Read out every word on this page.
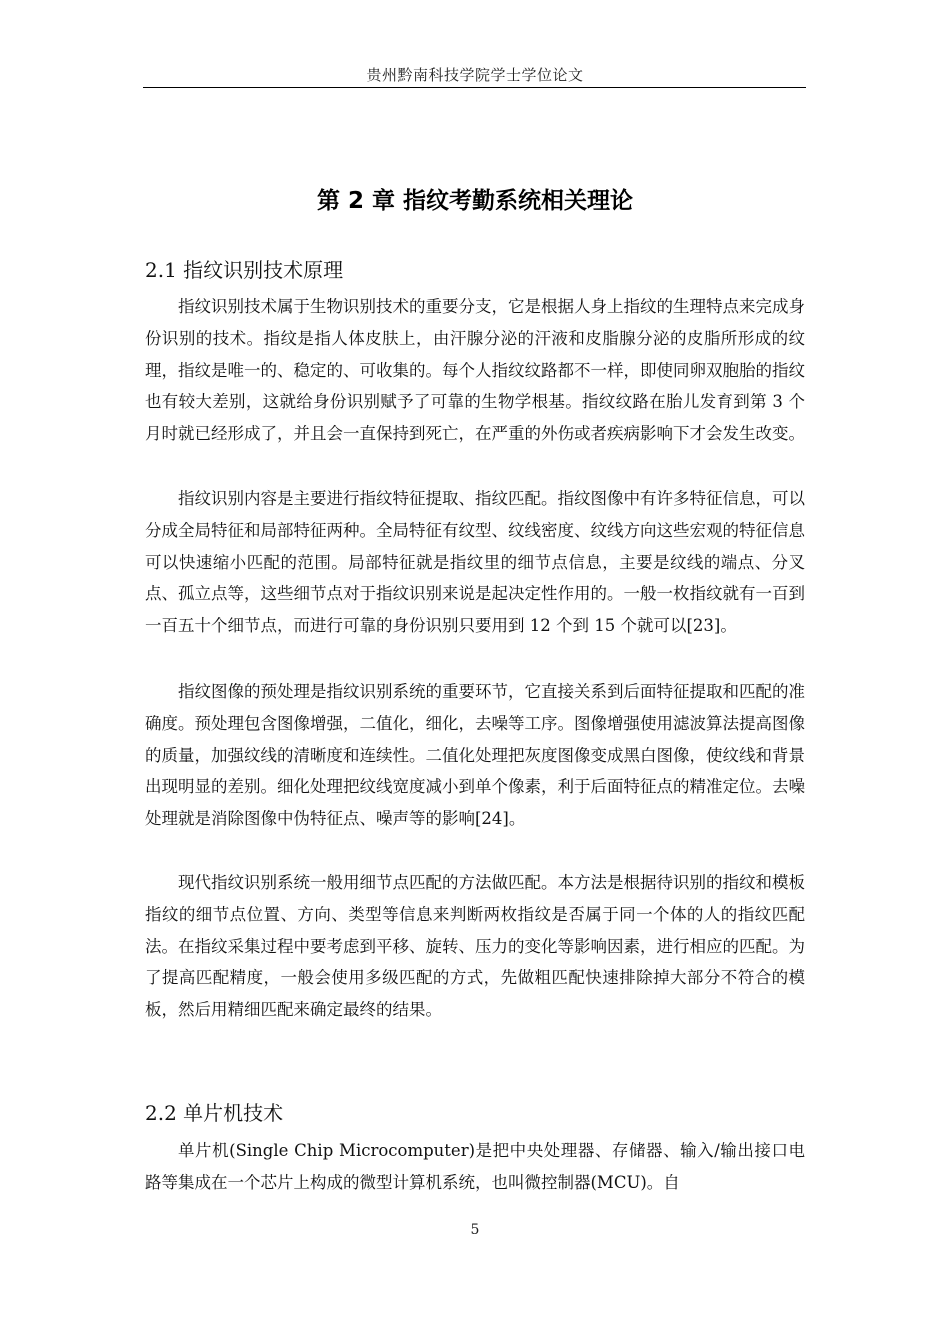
贵州黔南科技学院学士学位论文
第 2 章 指纹考勤系统相关理论
2.1 指纹识别技术原理

指纹识别技术属于生物识别技术的重要分支，它是根据人身上指纹的生理特点来完成身份识别的技术。指纹是指人体皮肤上，由汗腺分泌的汗液和皮脂腺分泌的皮脂所形成的纹理，指纹是唯一的、稳定的、可收集的。每个人指纹纹路都不一样，即使同卵双胞胎的指纹也有较大差别，这就给身份识别赋予了可靠的生物学根基。指纹纹路在胎儿发育到第 3 个月时就已经形成了，并且会一直保持到死亡，在严重的外伤或者疾病影响下才会发生改变。

指纹识别内容是主要进行指纹特征提取、指纹匹配。指纹图像中有许多特征信息，可以分成全局特征和局部特征两种。全局特征有纹型、纹线密度、纹线方向这些宏观的特征信息可以快速缩小匹配的范围。局部特征就是指纹里的细节点信息，主要是纹线的端点、分叉点、孤立点等，这些细节点对于指纹识别来说是起决定性作用的。一般一枚指纹就有一百到一百五十个细节点，而进行可靠的身份识别只要用到 12 个到 15 个就可以[23]。

指纹图像的预处理是指纹识别系统的重要环节，它直接关系到后面特征提取和匹配的准确度。预处理包含图像增强，二值化，细化，去噪等工序。图像增强使用滤波算法提高图像的质量，加强纹线的清晰度和连续性。二值化处理把灰度图像变成黑白图像，使纹线和背景出现明显的差别。细化处理把纹线宽度减小到单个像素，利于后面特征点的精准定位。去噪处理就是消除图像中伪特征点、噪声等的影响[24]。

现代指纹识别系统一般用细节点匹配的方法做匹配。本方法是根据待识别的指纹和模板指纹的细节点位置、方向、类型等信息来判断两枚指纹是否属于同一个体的人的指纹匹配法。在指纹采集过程中要考虑到平移、旋转、压力的变化等影响因素，进行相应的匹配。为了提高匹配精度，一般会使用多级匹配的方式，先做粗匹配快速排除掉大部分不符合的模板，然后用精细匹配来确定最终的结果。

2.2 单片机技术

单片机(Single Chip Microcomputer)是把中央处理器、存储器、输入/输出接口电路等集成在一个芯片上构成的微型计算机系统，也叫微控制器(MCU)。自

5
